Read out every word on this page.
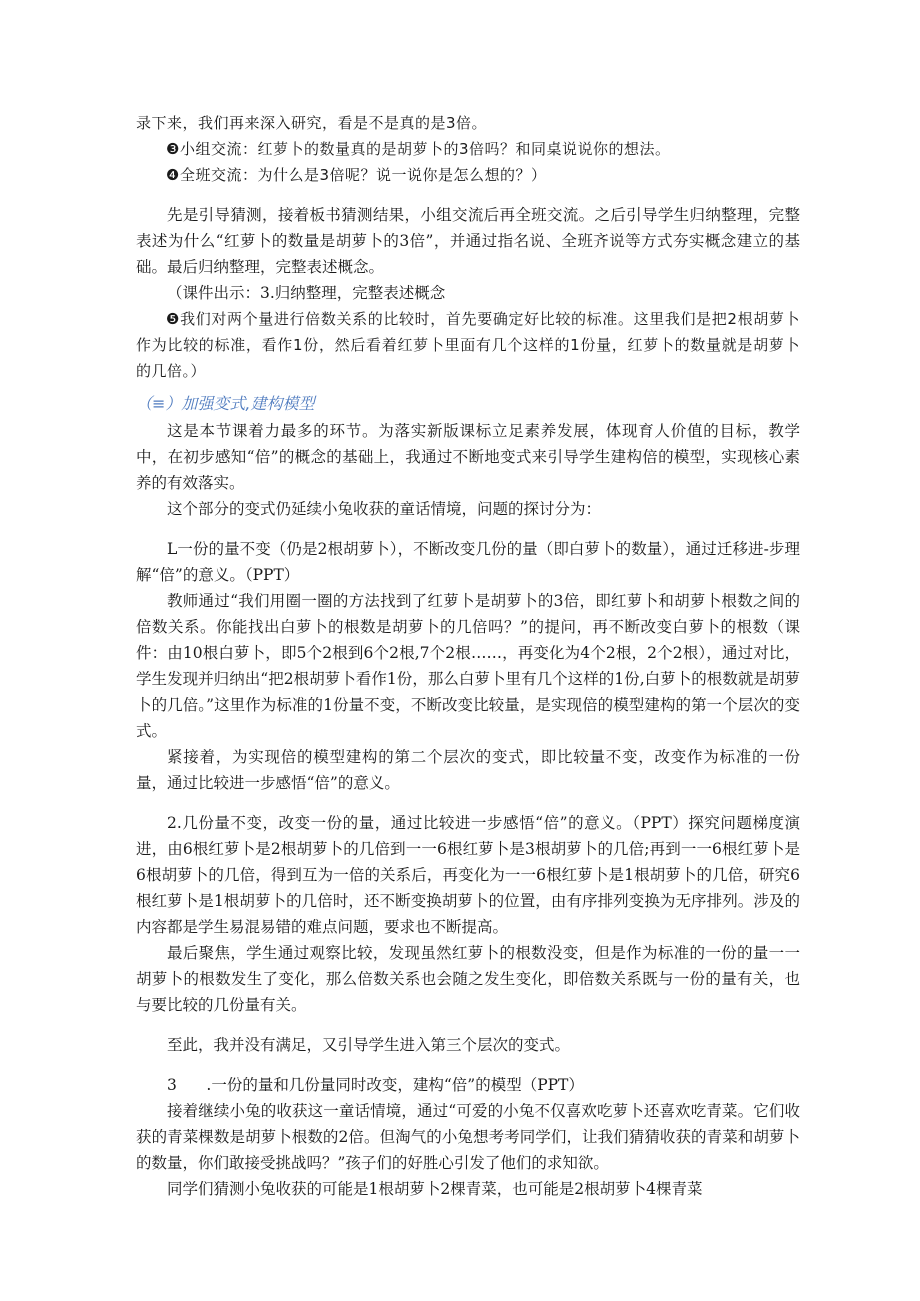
录下来，我们再来深入研究，看是不是真的是3倍。

❸小组交流：红萝卜的数量真的是胡萝卜的3倍吗？和同桌说说你的想法。

❹全班交流：为什么是3倍呢？说一说你是怎么想的？）

先是引导猜测，接着板书猜测结果，小组交流后再全班交流。之后引导学生归纳整理，完整表述为什么“红萝卜的数量是胡萝卜的3倍”，并通过指名说、全班齐说等方式夯实概念建立的基础。最后归纳整理，完整表述概念。

（课件出示：3.归纳整理，完整表述概念

❺我们对两个量进行倍数关系的比较时，首先要确定好比较的标准。这里我们是把2根胡萝卜作为比较的标准，看作1份，然后看着红萝卜里面有几个这样的1份量，红萝卜的数量就是胡萝卜的几倍。）

（≡）加强变式,建构模型

这是本节课着力最多的环节。为落实新版课标立足素养发展，体现育人价值的目标，教学中，在初步感知“倍”的概念的基础上，我通过不断地变式来引导学生建构倍的模型，实现核心素养的有效落实。

这个部分的变式仍延续小兔收获的童话情境，问题的探讨分为：

L一份的量不变（仍是2根胡萝卜），不断改变几份的量（即白萝卜的数量），通过迁移进-步理解“倍”的意义。（PPT）

教师通过“我们用圈一圈的方法找到了红萝卜是胡萝卜的3倍，即红萝卜和胡萝卜根数之间的倍数关系。你能找出白萝卜的根数是胡萝卜的几倍吗？”的提问，再不断改变白萝卜的根数（课件：由10根白萝卜，即5个2根到6个2根,7个2根……，再变化为4个2根，2个2根），通过对比，学生发现并归纳出“把2根胡萝卜看作1份，那么白萝卜里有几个这样的1份,白萝卜的根数就是胡萝卜的几倍。”这里作为标准的1份量不变，不断改变比较量，是实现倍的模型建构的第一个层次的变式。

紧接着，为实现倍的模型建构的第二个层次的变式，即比较量不变，改变作为标准的一份量，通过比较进一步感悟“倍”的意义。

2.几份量不变，改变一份的量，通过比较进一步感悟“倍”的意义。（PPT）探究问题梯度演进，由6根红萝卜是2根胡萝卜的几倍到一一6根红萝卜是3根胡萝卜的几倍;再到一一6根红萝卜是6根胡萝卜的几倍，得到互为一倍的关系后，再变化为一一6根红萝卜是1根胡萝卜的几倍，研究6根红萝卜是1根胡萝卜的几倍时，还不断变换胡萝卜的位置，由有序排列变换为无序排列。涉及的内容都是学生易混易错的难点问题，要求也不断提高。

最后聚焦，学生通过观察比较，发现虽然红萝卜的根数没变，但是作为标准的一份的量一一胡萝卜的根数发生了变化，那么倍数关系也会随之发生变化，即倍数关系既与一份的量有关，也与要比较的几份量有关。

至此，我并没有满足，又引导学生进入第三个层次的变式。

3      .一份的量和几份量同时改变，建构“倍”的模型（PPT）

接着继续小兔的收获这一童话情境，通过“可爱的小兔不仅喜欢吃萝卜还喜欢吃青菜。它们收获的青菜棵数是胡萝卜根数的2倍。但淘气的小兔想考考同学们，让我们猜猜收获的青菜和胡萝卜的数量，你们敢接受挑战吗？”孩子们的好胜心引发了他们的求知欲。

同学们猜测小兔收获的可能是1根胡萝卜2棵青菜，也可能是2根胡萝卜4棵青菜
